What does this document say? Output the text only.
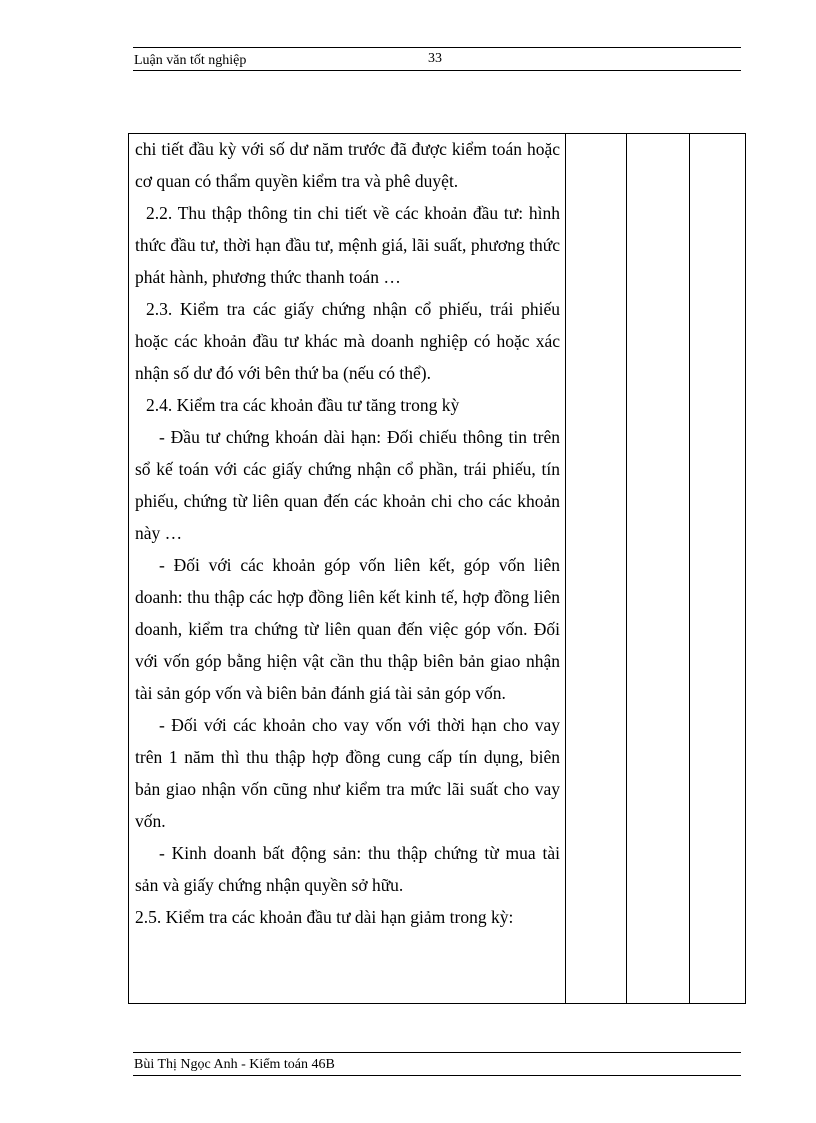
Luận văn tốt nghiệp	33

chi tiết đầu kỳ với số dư năm trước đã được kiểm toán hoặc cơ quan có thẩm quyền kiểm tra và phê duyệt.

2.2. Thu thập thông tin chi tiết về các khoản đầu tư: hình thức đầu tư, thời hạn đầu tư, mệnh giá, lãi suất, phương thức phát hành, phương thức thanh toán …

2.3. Kiểm tra các giấy chứng nhận cổ phiếu, trái phiếu hoặc các khoản đầu tư khác mà doanh nghiệp có hoặc xác nhận số dư đó với bên thứ ba (nếu có thể).

2.4. Kiểm tra các khoản đầu tư tăng trong kỳ

- Đầu tư chứng khoán dài hạn: Đối chiếu thông tin trên sổ kế toán với các giấy chứng nhận cổ phần, trái phiếu, tín phiếu, chứng từ liên quan đến các khoản chi cho các khoản này …

- Đối với các khoản góp vốn liên kết, góp vốn liên doanh: thu thập các hợp đồng liên kết kinh tế, hợp đồng liên doanh, kiểm tra chứng từ liên quan đến việc góp vốn. Đối với vốn góp bằng hiện vật cần thu thập biên bản giao nhận tài sản góp vốn và biên bản đánh giá tài sản góp vốn.

- Đối với các khoản cho vay vốn với thời hạn cho vay trên 1 năm thì thu thập hợp đồng cung cấp tín dụng, biên bản giao nhận vốn cũng như kiểm tra mức lãi suất cho vay vốn.

- Kinh doanh bất động sản: thu thập chứng từ mua tài sản và giấy chứng nhận quyền sở hữu.

2.5. Kiểm tra các khoản đầu tư dài hạn giảm trong kỳ:

Bùi Thị Ngọc Anh - Kiểm toán 46B
